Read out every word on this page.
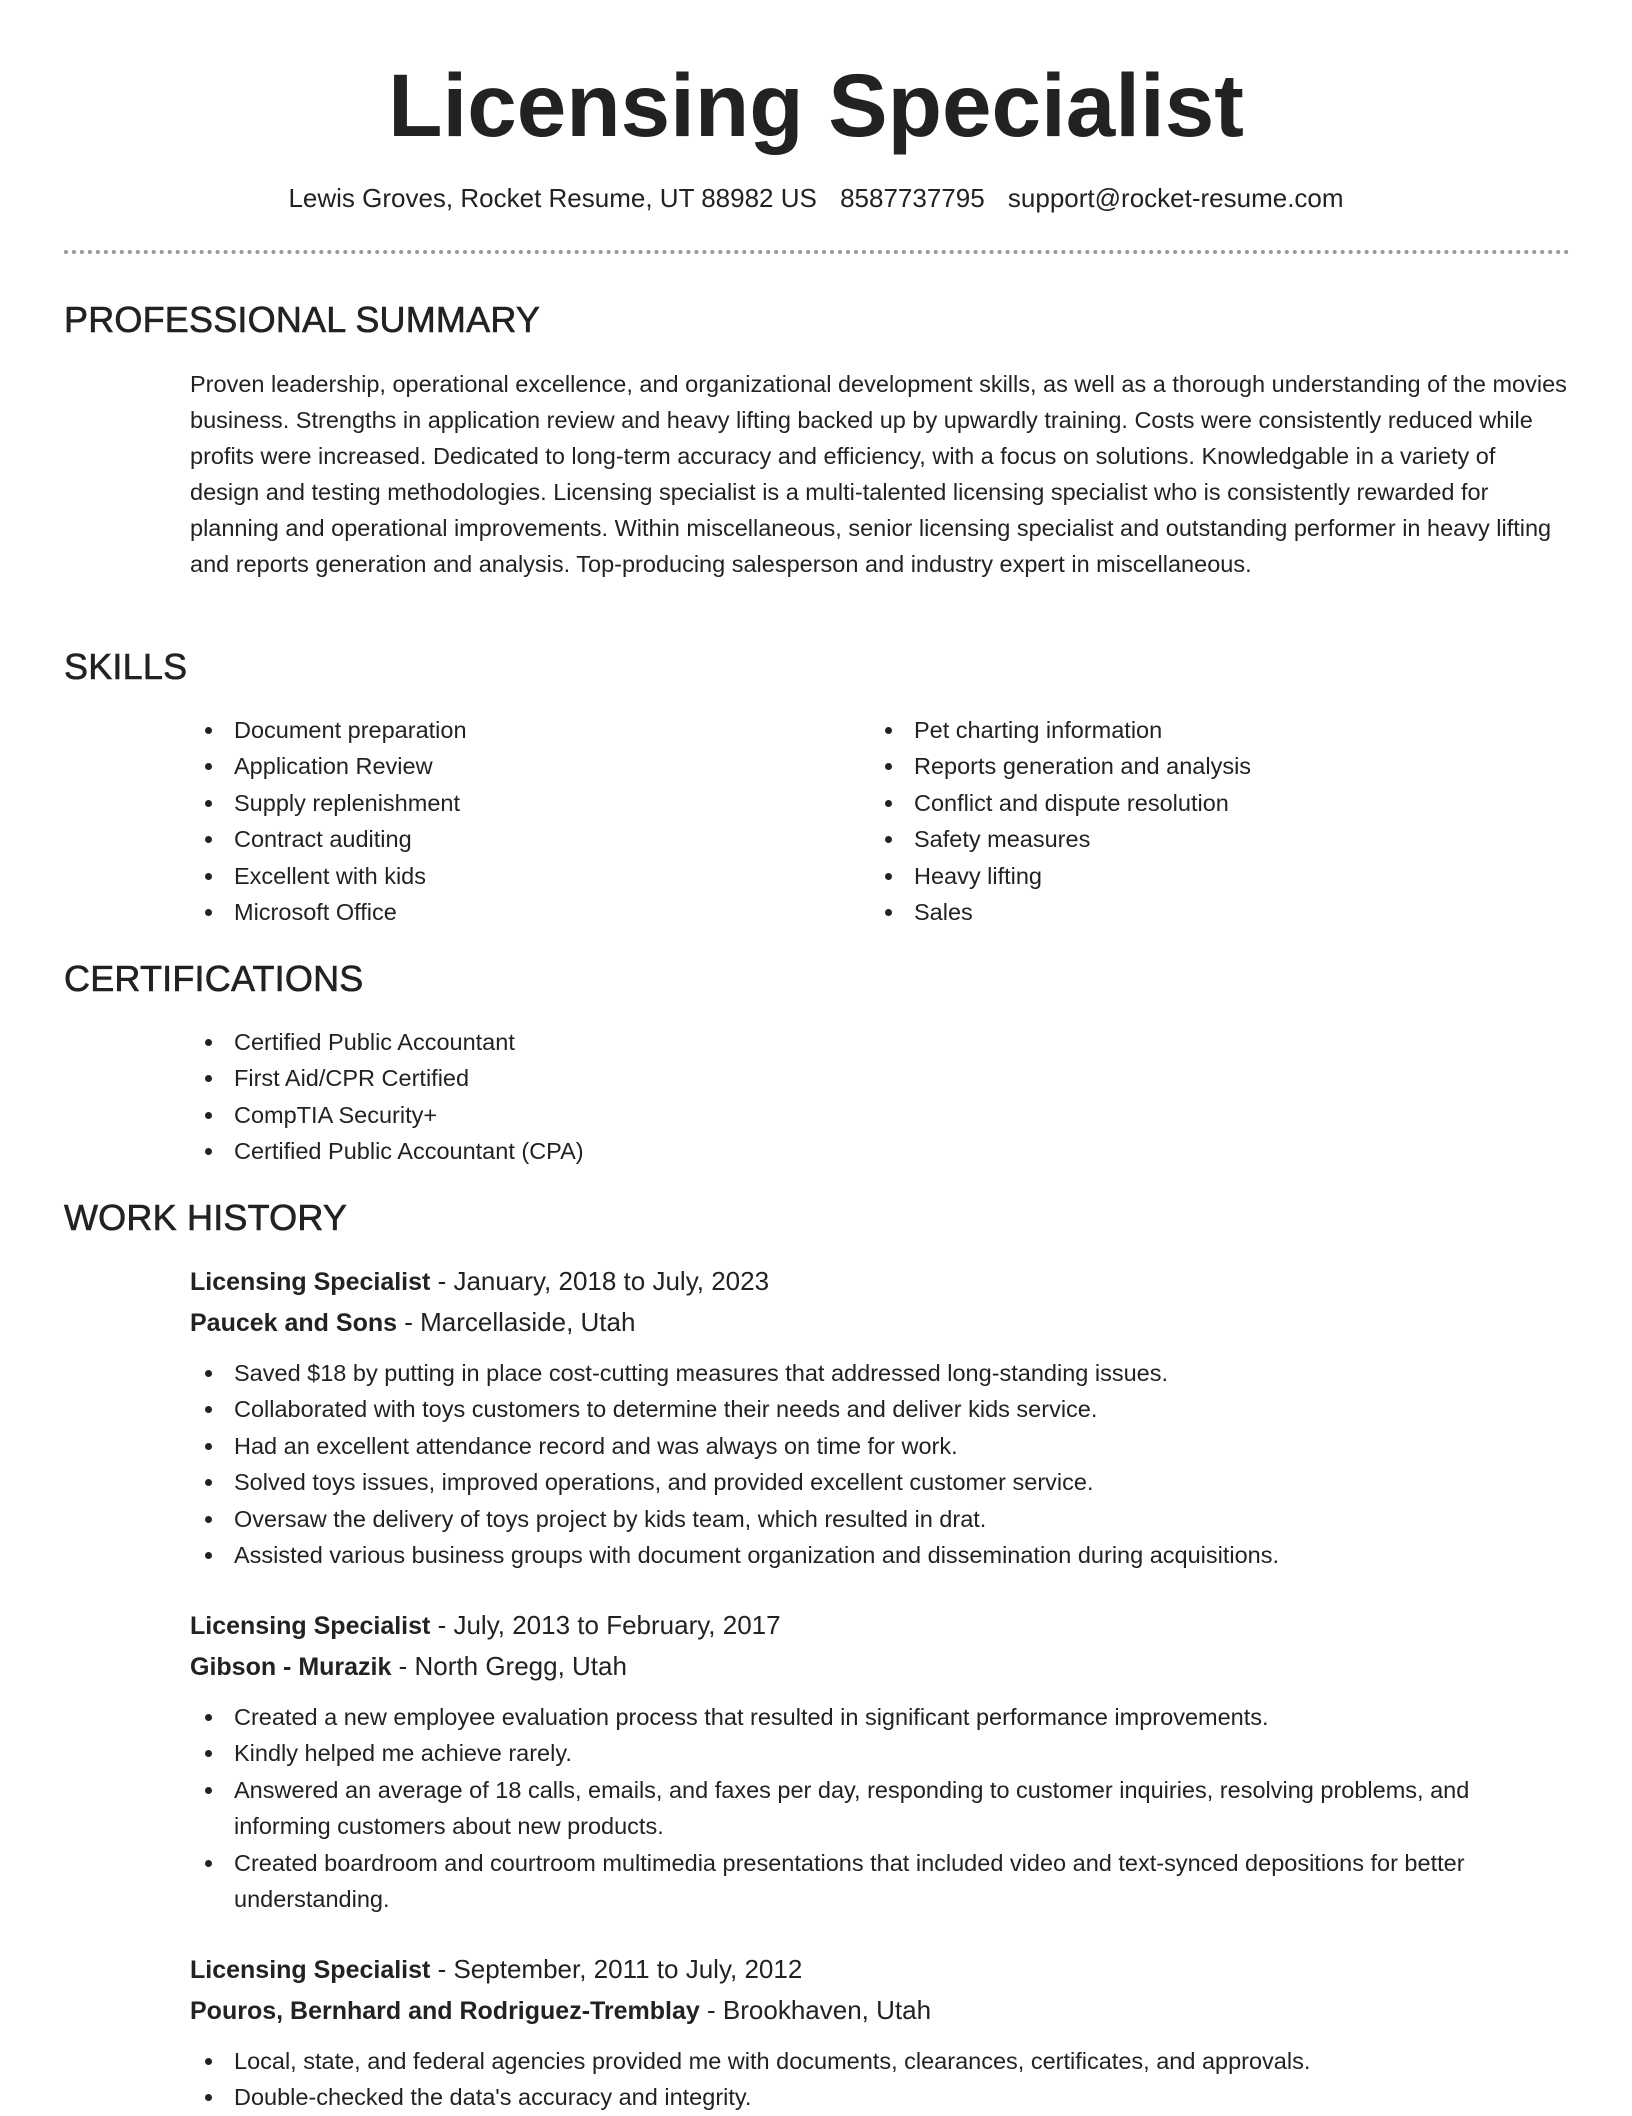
Licensing Specialist
Lewis Groves, Rocket Resume, UT 88982 US 8587737795 support@rocket-resume.com
PROFESSIONAL SUMMARY

Proven leadership, operational excellence, and organizational development skills, as well as a thorough understanding of the movies business. Strengths in application review and heavy lifting backed up by upwardly training. Costs were consistently reduced while profits were increased. Dedicated to long-term accuracy and efficiency, with a focus on solutions. Knowledgable in a variety of design and testing methodologies. Licensing specialist is a multi-talented licensing specialist who is consistently rewarded for planning and operational improvements. Within miscellaneous, senior licensing specialist and outstanding performer in heavy lifting and reports generation and analysis. Top-producing salesperson and industry expert in miscellaneous.

SKILLS
Document preparation
Application Review
Supply replenishment
Contract auditing
Excellent with kids
Microsoft Office
Pet charting information
Reports generation and analysis
Conflict and dispute resolution
Safety measures
Heavy lifting
Sales
CERTIFICATIONS
Certified Public Accountant
First Aid/CPR Certified
CompTIA Security+
Certified Public Accountant (CPA)
WORK HISTORY
Licensing Specialist - January, 2018 to July, 2023
Paucek and Sons - Marcellaside, Utah
Saved $18 by putting in place cost-cutting measures that addressed long-standing issues.
Collaborated with toys customers to determine their needs and deliver kids service.
Had an excellent attendance record and was always on time for work.
Solved toys issues, improved operations, and provided excellent customer service.
Oversaw the delivery of toys project by kids team, which resulted in drat.
Assisted various business groups with document organization and dissemination during acquisitions.
Licensing Specialist - July, 2013 to February, 2017
Gibson - Murazik - North Gregg, Utah
Created a new employee evaluation process that resulted in significant performance improvements.
Kindly helped me achieve rarely.
Answered an average of 18 calls, emails, and faxes per day, responding to customer inquiries, resolving problems, and informing customers about new products.
Created boardroom and courtroom multimedia presentations that included video and text-synced depositions for better understanding.
Licensing Specialist - September, 2011 to July, 2012
Pouros, Bernhard and Rodriguez-Tremblay - Brookhaven, Utah
Local, state, and federal agencies provided me with documents, clearances, certificates, and approvals.
Double-checked the data's accuracy and integrity.
